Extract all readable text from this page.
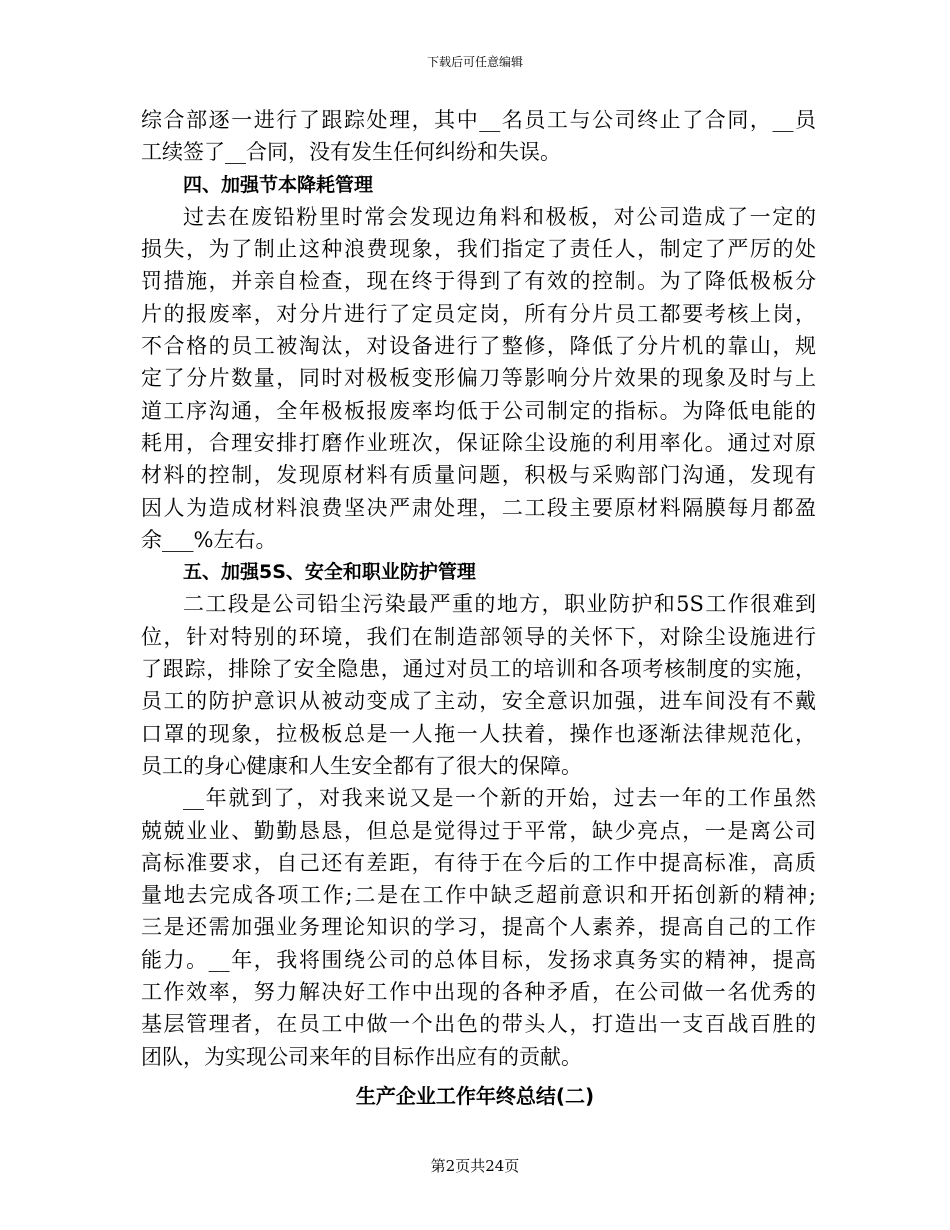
下载后可任意编辑
综合部逐一进行了跟踪处理，其中__名员工与公司终止了合同，__员
工续签了__合同，没有发生任何纠纷和失误。
四、加强节本降耗管理
过去在废铅粉里时常会发现边角料和极板，对公司造成了一定的
损失，为了制止这种浪费现象，我们指定了责任人，制定了严厉的处
罚措施，并亲自检查，现在终于得到了有效的控制。为了降低极板分
片的报废率，对分片进行了定员定岗，所有分片员工都要考核上岗，
不合格的员工被淘汰，对设备进行了整修，降低了分片机的靠山，规
定了分片数量，同时对极板变形偏刀等影响分片效果的现象及时与上
道工序沟通，全年极板报废率均低于公司制定的指标。为降低电能的
耗用，合理安排打磨作业班次，保证除尘设施的利用率化。通过对原
材料的控制，发现原材料有质量问题，积极与采购部门沟通，发现有
因人为造成材料浪费坚决严肃处理，二工段主要原材料隔膜每月都盈
余___%左右。
五、加强5S、安全和职业防护管理
二工段是公司铅尘污染最严重的地方，职业防护和5S工作很难到
位，针对特别的环境，我们在制造部领导的关怀下，对除尘设施进行
了跟踪，排除了安全隐患，通过对员工的培训和各项考核制度的实施，
员工的防护意识从被动变成了主动，安全意识加强，进车间没有不戴
口罩的现象，拉极板总是一人拖一人扶着，操作也逐渐法律规范化，
员工的身心健康和人生安全都有了很大的保障。
__年就到了，对我来说又是一个新的开始，过去一年的工作虽然
兢兢业业、勤勤恳恳，但总是觉得过于平常，缺少亮点，一是离公司
高标准要求，自己还有差距，有待于在今后的工作中提高标准，高质
量地去完成各项工作;二是在工作中缺乏超前意识和开拓创新的精神;
三是还需加强业务理论知识的学习，提高个人素养，提高自己的工作
能力。__年，我将围绕公司的总体目标，发扬求真务实的精神，提高
工作效率，努力解决好工作中出现的各种矛盾，在公司做一名优秀的
基层管理者，在员工中做一个出色的带头人，打造出一支百战百胜的
团队，为实现公司来年的目标作出应有的贡献。
生产企业工作年终总结(二)
第2页共24页
